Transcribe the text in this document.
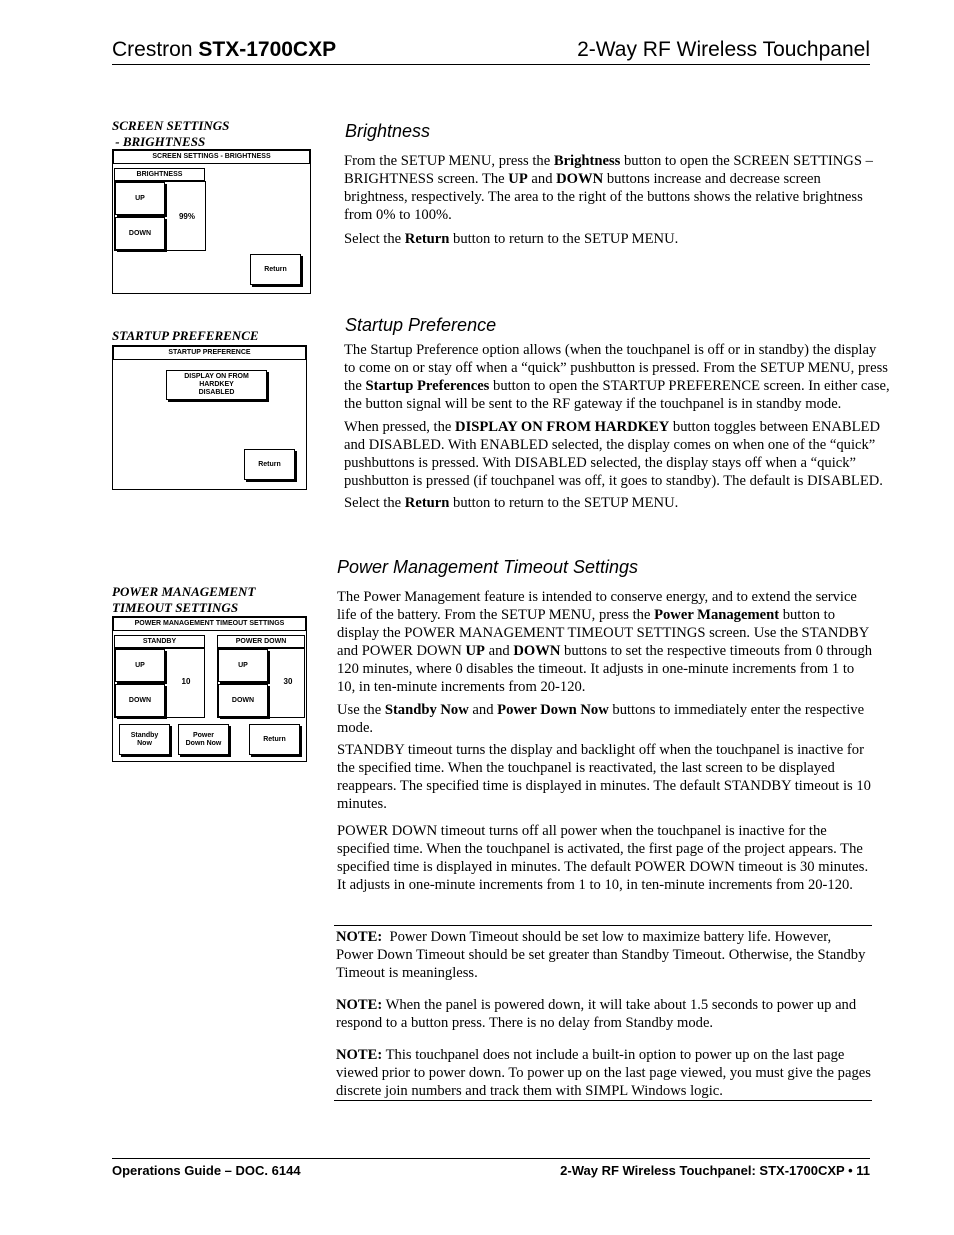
Crestron STX-1700CXP	2-Way RF Wireless Touchpanel
SCREEN SETTINGS
- BRIGHTNESS
SCREEN SETTINGS - BRIGHTNESS
BRIGHTNESS
UP
DOWN
99%
Return
Brightness

From the SETUP MENU, press the Brightness button to open the SCREEN SETTINGS – BRIGHTNESS screen. The UP and DOWN buttons increase and decrease screen brightness, respectively. The area to the right of the buttons shows the relative brightness from 0% to 100%.

Select the Return button to return to the SETUP MENU.

STARTUP PREFERENCE
STARTUP PREFERENCE
DISPLAY ON FROM HARDKEY
DISABLED
Return
Startup Preference

The Startup Preference option allows (when the touchpanel is off or in standby) the display to come on or stay off when a “quick” pushbutton is pressed. From the SETUP MENU, press the Startup Preferences button to open the STARTUP PREFERENCE screen. In either case, the button signal will be sent to the RF gateway if the touchpanel is in standby mode.

When pressed, the DISPLAY ON FROM HARDKEY button toggles between ENABLED and DISABLED. With ENABLED selected, the display comes on when one of the “quick” pushbuttons is pressed. With DISABLED selected, the display stays off when a “quick” pushbutton is pressed (if touchpanel was off, it goes to standby). The default is DISABLED.

Select the Return button to return to the SETUP MENU.

POWER MANAGEMENT
TIMEOUT SETTINGS
POWER MANAGEMENT TIMEOUT SETTINGS
STANDBY
UP
DOWN
10
POWER DOWN
UP
DOWN
30
Standby
Now
Power
Down Now
Return
Power Management Timeout Settings

The Power Management feature is intended to conserve energy, and to extend the service life of the battery. From the SETUP MENU, press the Power Management button to display the POWER MANAGEMENT TIMEOUT SETTINGS screen. Use the STANDBY and POWER DOWN UP and DOWN buttons to set the respective timeouts from 0 through 120 minutes, where 0 disables the timeout. It adjusts in one-minute increments from 1 to 10, in ten-minute increments from 20-120.

Use the Standby Now and Power Down Now buttons to immediately enter the respective mode.

STANDBY timeout turns the display and backlight off when the touchpanel is inactive for the specified time. When the touchpanel is reactivated, the last screen to be displayed reappears. The specified time is displayed in minutes. The default STANDBY timeout is 10 minutes.

POWER DOWN timeout turns off all power when the touchpanel is inactive for the specified time. When the touchpanel is activated, the first page of the project appears. The specified time is displayed in minutes. The default POWER DOWN timeout is 30 minutes. It adjusts in one-minute increments from 1 to 10, in ten-minute increments from 20-120.

NOTE:  Power Down Timeout should be set low to maximize battery life. However, Power Down Timeout should be set greater than Standby Timeout. Otherwise, the Standby Timeout is meaningless.

NOTE: When the panel is powered down, it will take about 1.5 seconds to power up and respond to a button press. There is no delay from Standby mode.

NOTE: This touchpanel does not include a built-in option to power up on the last page viewed prior to power down. To power up on the last page viewed, you must give the pages discrete join numbers and track them with SIMPL Windows logic.

Operations Guide – DOC. 6144	2-Way RF Wireless Touchpanel: STX-1700CXP • 11
